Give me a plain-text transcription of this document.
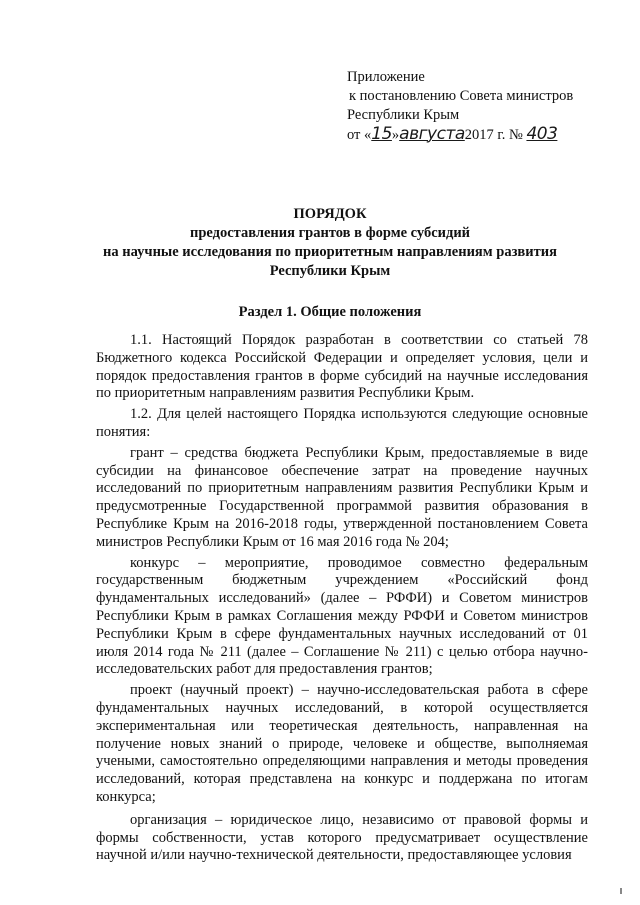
Приложение
к постановлению Совета министров
Республики Крым
от «15»августа2017 г. № 403
ПОРЯДОК
предоставления грантов в форме субсидий
на научные исследования по приоритетным направлениям развития
Республики Крым
Раздел 1. Общие положения

1.1. Настоящий Порядок разработан в соответствии со статьей 78 Бюджетного кодекса Российской Федерации и определяет условия, цели и порядок предоставления грантов в форме субсидий на научные исследования по приоритетным направлениям развития Республики Крым.

1.2. Для целей настоящего Порядка используются следующие основные понятия:

грант – средства бюджета Республики Крым, предоставляемые в виде субсидии на финансовое обеспечение затрат на проведение научных исследований по приоритетным направлениям развития Республики Крым и предусмотренные Государственной программой развития образования в Республике Крым на 2016-2018 годы, утвержденной постановлением Совета министров Республики Крым от 16 мая 2016 года № 204;

конкурс – мероприятие, проводимое совместно федеральным государственным бюджетным учреждением «Российский фонд фундаментальных исследований» (далее – РФФИ) и Советом министров Республики Крым в рамках Соглашения между РФФИ и Советом министров Республики Крым в сфере фундаментальных научных исследований от 01 июля 2014 года № 211 (далее – Соглашение № 211) с целью отбора научно-исследовательских работ для предоставления грантов;

проект (научный проект) – научно-исследовательская работа в сфере фундаментальных научных исследований, в которой осуществляется экспериментальная или теоретическая деятельность, направленная на получение новых знаний о природе, человеке и обществе, выполняемая учеными, самостоятельно определяющими направления и методы проведения исследований, которая представлена на конкурс и поддержана по итогам конкурса;

организация – юридическое лицо, независимо от правовой формы и формы собственности, устав которого предусматривает осуществление научной и/или научно-технической деятельности, предоставляющее условия
